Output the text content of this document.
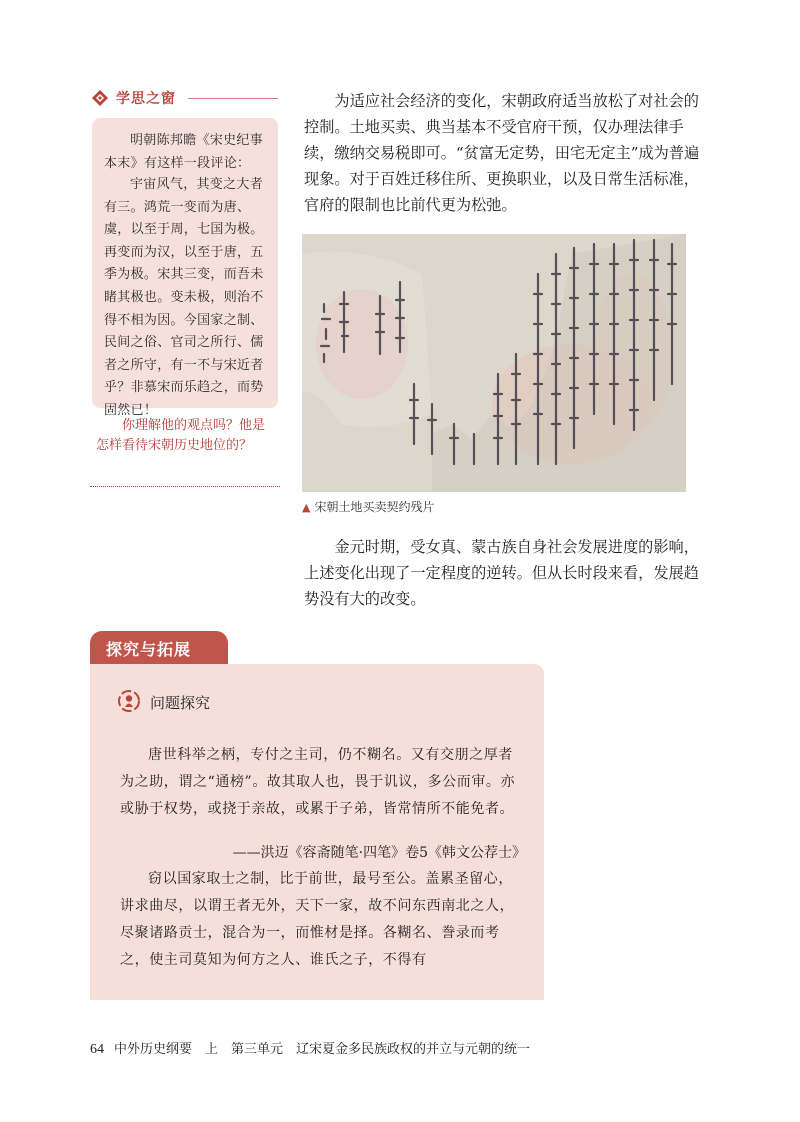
学思之窗

明朝陈邦瞻《宋史纪事本末》有这样一段评论：

宇宙风气，其变之大者有三。鸿荒一变而为唐、虞，以至于周，七国为极。再变而为汉，以至于唐，五季为极。宋其三变，而吾未睹其极也。变未极，则治不得不相为因。今国家之制、民间之俗、官司之所行、儒者之所守，有一不与宋近者乎？非慕宋而乐趋之，而势固然已！

你理解他的观点吗？他是怎样看待宋朝历史地位的？

为适应社会经济的变化，宋朝政府适当放松了对社会的控制。土地买卖、典当基本不受官府干预，仅办理法律手续，缴纳交易税即可。“贫富无定势，田宅无定主”成为普遍现象。对于百姓迁移住所、更换职业，以及日常生活标准，官府的限制也比前代更为松弛。

▲ 宋朝土地买卖契约残片

金元时期，受女真、蒙古族自身社会发展进度的影响，上述变化出现了一定程度的逆转。但从长时段来看，发展趋势没有大的改变。

探究与拓展
问题探究

唐世科举之柄，专付之主司，仍不糊名。又有交朋之厚者为之助，谓之“通榜”。故其取人也，畏于讥议，多公而审。亦或胁于权势，或挠于亲故，或累于子弟，皆常情所不能免者。

——洪迈《容斋随笔·四笔》卷5《韩文公荐士》

窃以国家取士之制，比于前世，最号至公。盖累圣留心，讲求曲尽，以谓王者无外，天下一家，故不问东西南北之人，尽聚诸路贡士，混合为一，而惟材是择。各糊名、誊录而考之，使主司莫知为何方之人、谁氏之子，不得有

64 中外历史纲要　上　第三单元　辽宋夏金多民族政权的并立与元朝的统一
